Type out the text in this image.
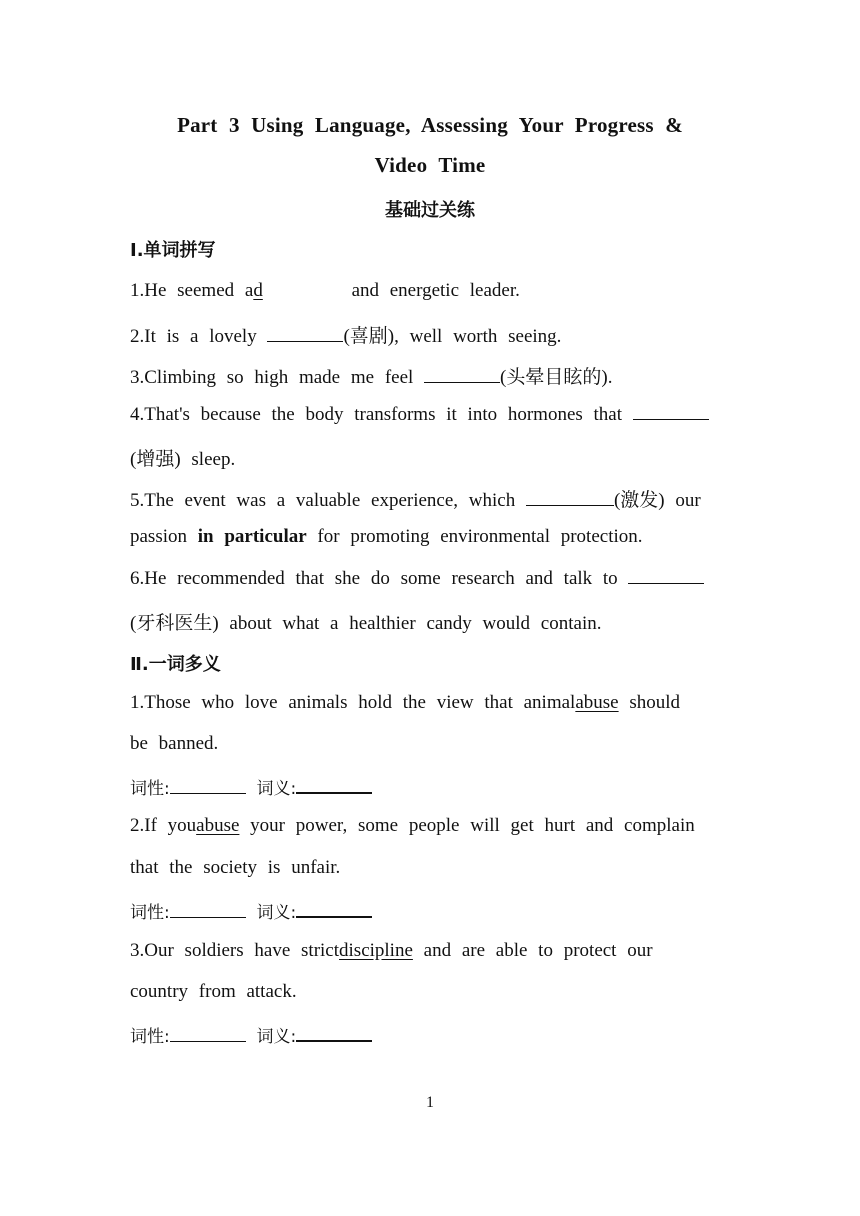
Part 3 Using Language, Assessing Your Progress &
Video Time
基础过关练
Ⅰ.单词拼写
1.He seemed ad	and energetic leader.
2.It is a lovely	(喜剧), well worth seeing.
3.Climbing so high made me feel	(头晕目眩的).
4.That's because the body transforms it into hormones that
(增强) sleep.
5.The event was a valuable experience, which	(激发) our
passion in particular for promoting environmental protection.
6.He recommended that she do some research and talk to
(牙科医生) about what a healthier candy would contain.
Ⅱ.一词多义
1.Those who love animals hold the view that animalabuse should
be banned.
词性:	词义:
2.If youabuse your power, some people will get hurt and complain
that the society is unfair.
词性:	词义:
3.Our soldiers have strictdiscipline and are able to protect our
country from attack.
词性:	词义:
1
